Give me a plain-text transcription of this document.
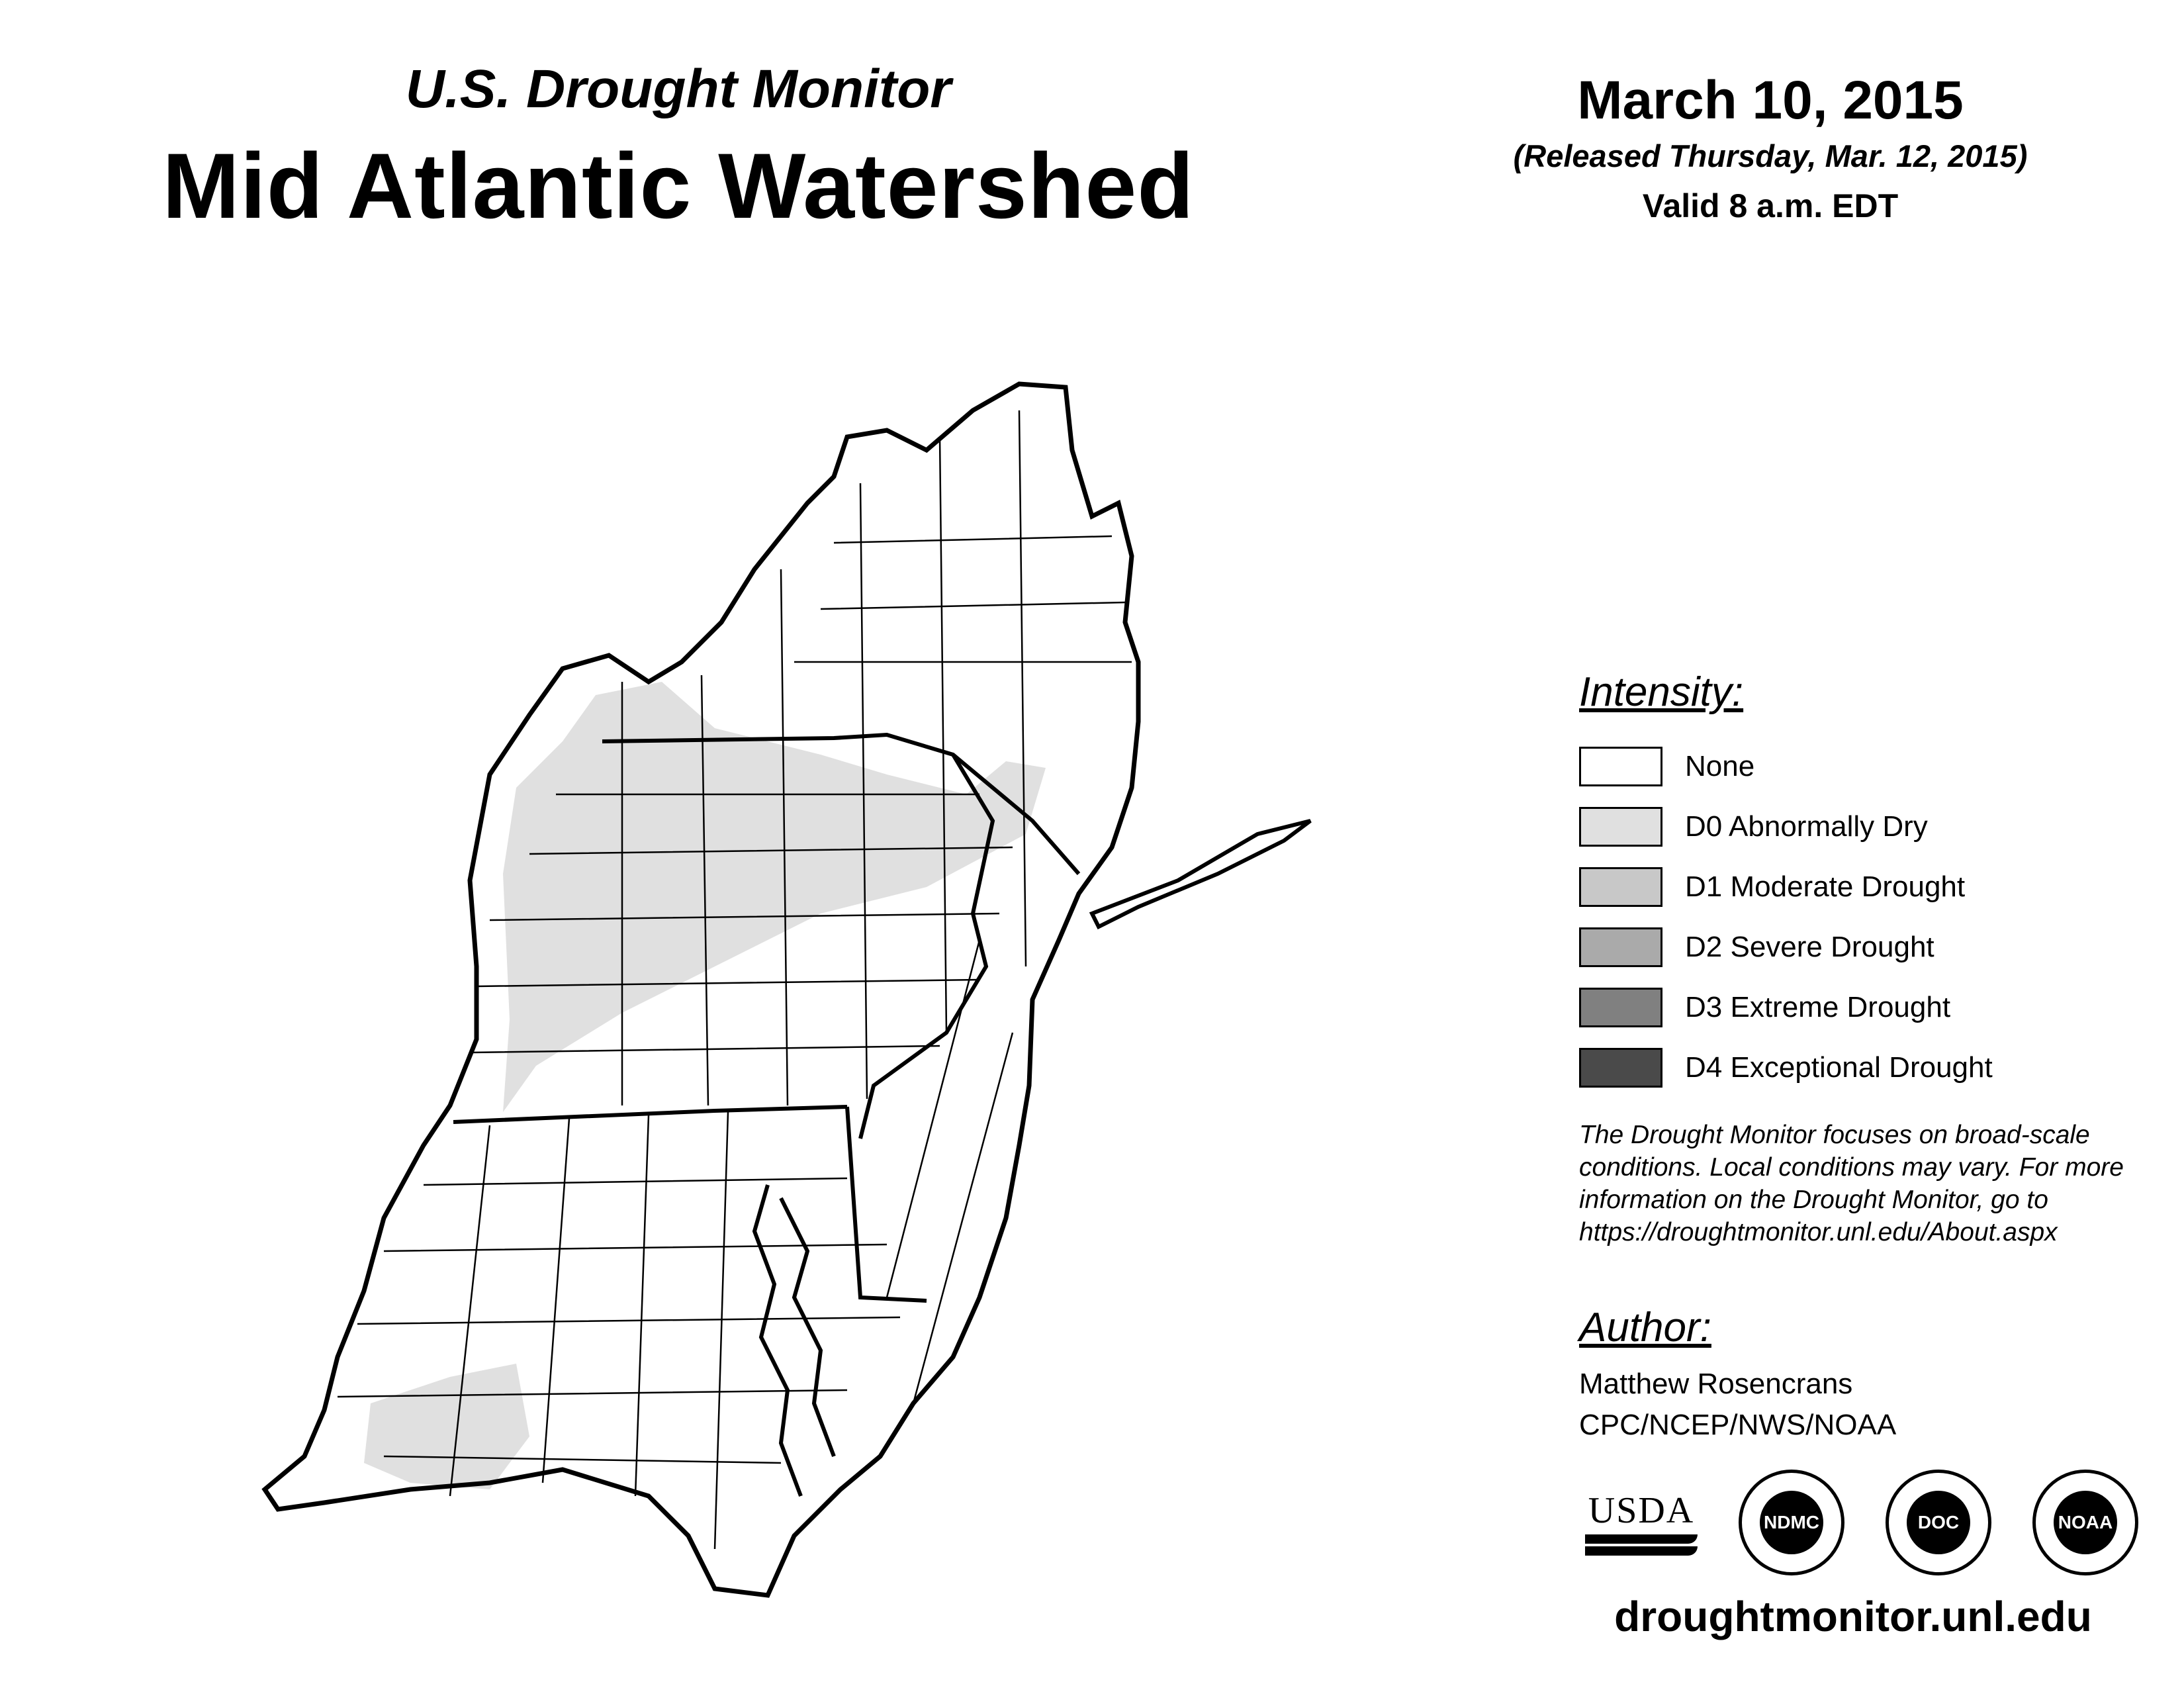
U.S. Drought Monitor
Mid Atlantic Watershed
March 10, 2015
(Released Thursday, Mar. 12, 2015)
Valid 8 a.m. EDT
Intensity:
None
D0 Abnormally Dry
D1 Moderate Drought
D2 Severe Drought
D3 Extreme Drought
D4 Exceptional Drought
The Drought Monitor focuses on broad-scale
conditions. Local conditions may vary. For more
information on the Drought Monitor, go to
https://droughtmonitor.unl.edu/About.aspx
Author:
Matthew Rosencrans
CPC/NCEP/NWS/NOAA
USDA	NDMC	DOC	NOAA
droughtmonitor.unl.edu
